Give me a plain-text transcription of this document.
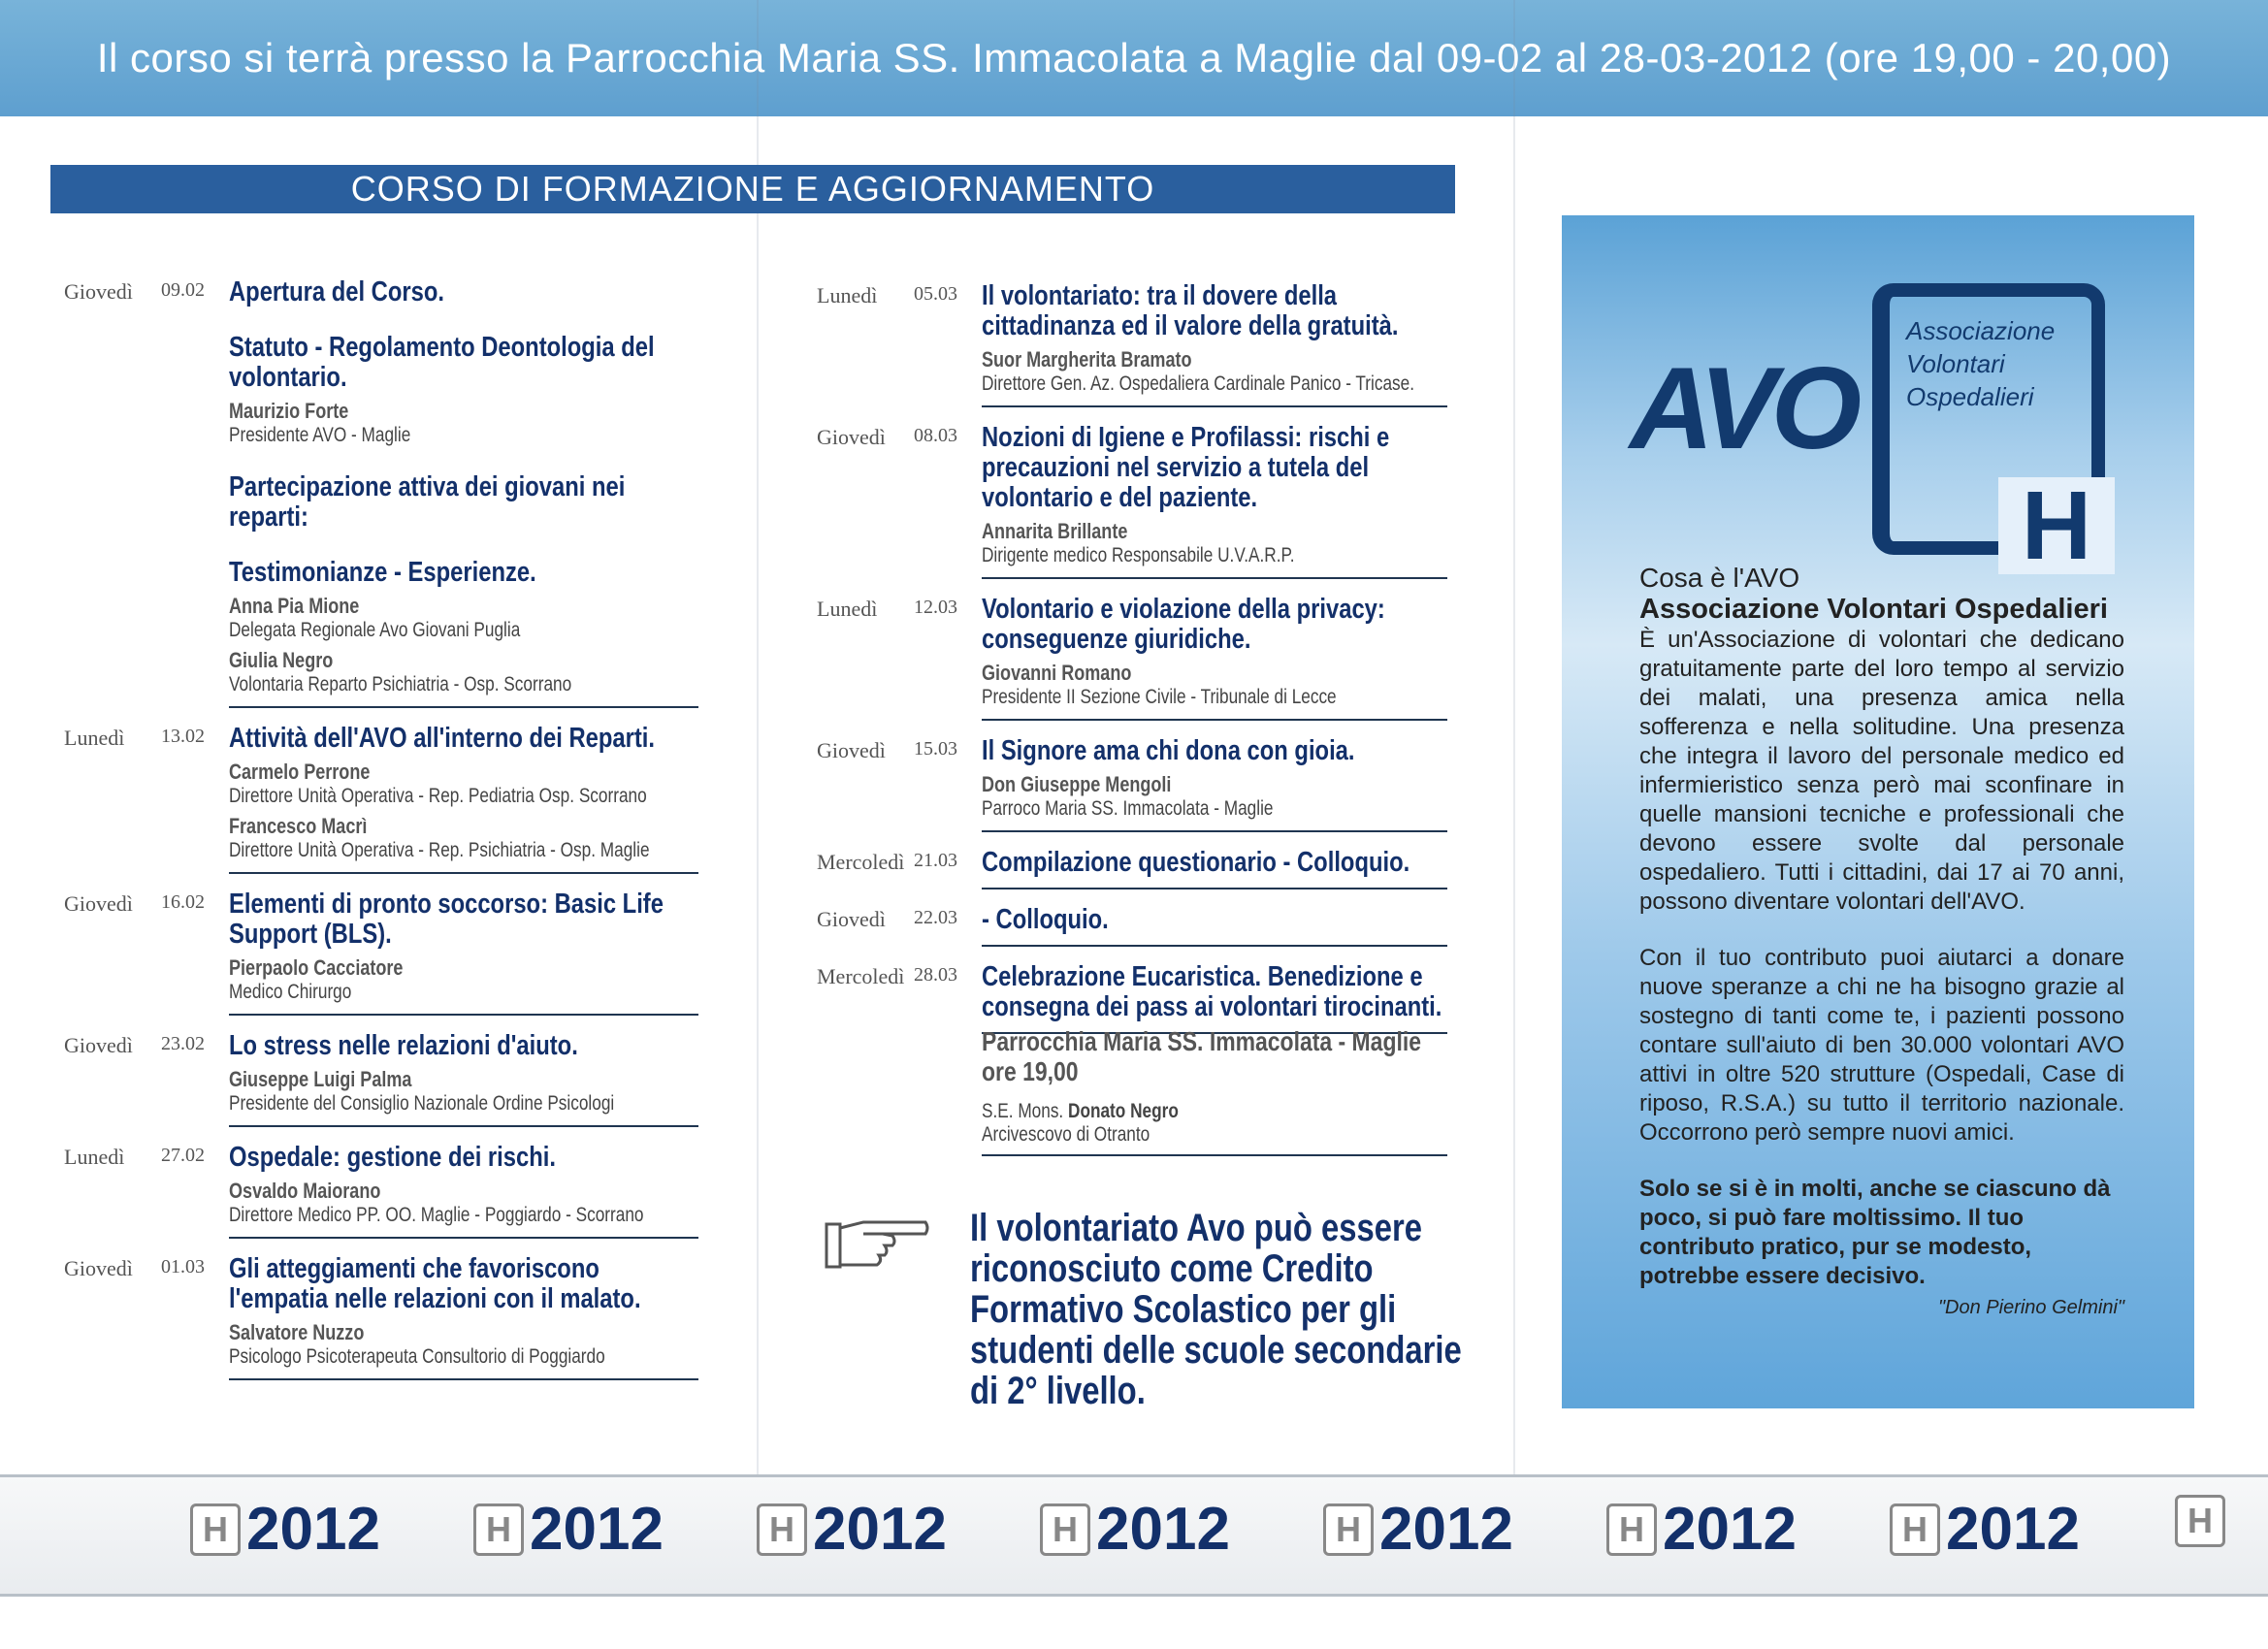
Il corso si terrà presso la Parrocchia Maria SS. Immacolata a Maglie dal 09-02 al 28-03-2012 (ore 19,00 - 20,00)
CORSO DI FORMAZIONE E AGGIORNAMENTO
Giovedì	09.02 Apertura del Corso.
Statuto - Regolamento Deontologia del volontario.
Maurizio Forte
Presidente AVO - Maglie
Partecipazione attiva dei giovani nei reparti:
Testimonianze - Esperienze.
Anna Pia Mione
Delegata Regionale Avo Giovani Puglia
Giulia Negro
Volontaria Reparto Psichiatria - Osp. Scorrano
Lunedì	13.02 Attività dell'AVO all'interno dei Reparti.
Carmelo Perrone
Direttore Unità Operativa - Rep. Pediatria Osp. Scorrano
Francesco Macrì
Direttore Unità Operativa - Rep. Psichiatria - Osp. Maglie
Giovedì	16.02 Elementi di pronto soccorso: Basic Life Support (BLS).
Pierpaolo Cacciatore
Medico Chirurgo
Giovedì	23.02 Lo stress nelle relazioni d'aiuto.
Giuseppe Luigi Palma
Presidente del Consiglio Nazionale Ordine Psicologi
Lunedì	27.02 Ospedale: gestione dei rischi.
Osvaldo Maiorano
Direttore Medico PP. OO. Maglie - Poggiardo - Scorrano
Giovedì	01.03 Gli atteggiamenti che favoriscono l'empatia nelle relazioni con il malato.
Salvatore Nuzzo
Psicologo Psicoterapeuta Consultorio di Poggiardo
Lunedì	05.03 Il volontariato: tra il dovere della cittadinanza ed il valore della gratuità.
Suor Margherita Bramato
Direttore Gen. Az. Ospedaliera Cardinale Panico - Tricase.
Giovedì	08.03 Nozioni di Igiene e Profilassi: rischi e precauzioni nel servizio a tutela del volontario e del paziente.
Annarita Brillante
Dirigente medico Responsabile U.V.A.R.P.
Lunedì	12.03 Volontario e violazione della privacy: conseguenze giuridiche.
Giovanni Romano
Presidente II Sezione Civile - Tribunale di Lecce
Giovedì	15.03 Il Signore ama chi dona con gioia.
Don Giuseppe Mengoli
Parroco Maria SS. Immacolata - Maglie
Mercoledì 21.03 Compilazione questionario - Colloquio.
Giovedì	22.03 - Colloquio.
Mercoledì 28.03 Celebrazione Eucaristica. Benedizione e consegna dei pass ai volontari tirocinanti.
Parrocchia Maria SS. Immacolata - Maglie
ore 19,00
S.E. Mons. Donato Negro
Arcivescovo di Otranto
Il volontariato Avo può essere riconosciuto come Credito Formativo Scolastico per gli studenti delle scuole secondarie di 2° livello.
AVO
Associazione
Volontari
Ospedalieri
H
Cosa è l'AVO
Associazione Volontari Ospedalieri
È un'Associazione di volontari che dedicano gratuitamente parte del loro tempo al servizio dei malati, una presenza amica nella sofferenza e nella solitudine. Una presenza che integra il lavoro del personale medico ed infermieristico senza però mai sconfinare in quelle mansioni tecniche e professionali che devono essere svolte dal personale ospedaliero. Tutti i cittadini, dai 17 ai 70 anni, possono diventare volontari dell'AVO.
Con il tuo contributo puoi aiutarci a donare nuove speranze a chi ne ha bisogno grazie al sostegno di tanti come te, i pazienti possono contare sull'aiuto di ben 30.000 volontari AVO attivi in oltre 520 strutture (Ospedali, Case di riposo, R.S.A.) su tutto il territorio nazionale. Occorrono però sempre nuovi amici.
Solo se si è in molti, anche se ciascuno dà poco, si può fare moltissimo. Il tuo contributo pratico, pur se modesto, potrebbe essere decisivo.
"Don Pierino Gelmini"
H 2012	H 2012	H 2012	H 2012	H 2012	H 2012	H 2012	H
